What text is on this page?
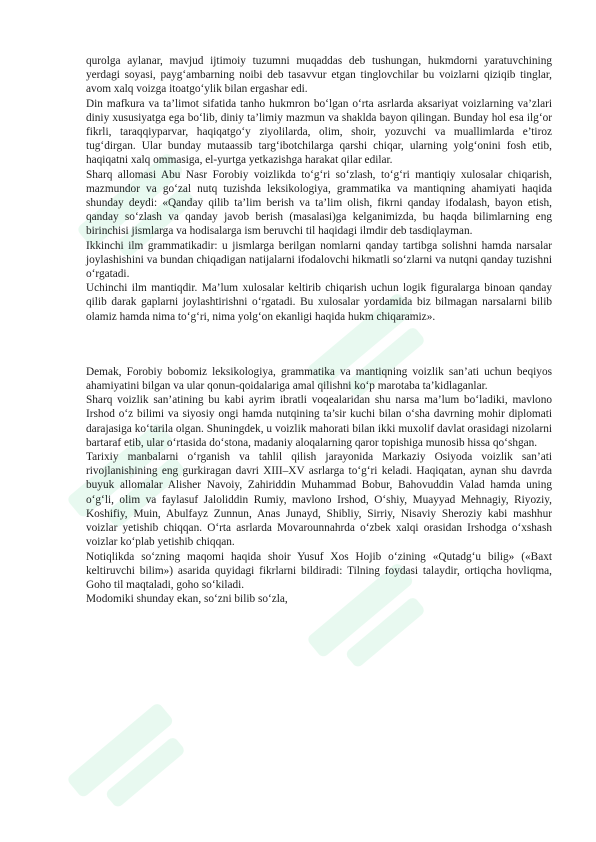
qurolga aylanar, mavjud ijtimoiy tuzumni muqaddas deb tushungan, hukmdorni yaratuvchining yerdagi soyasi, payg‘ambarning noibi deb tasavvur etgan tinglovchilar bu voizlarni qiziqib tinglar, avom xalq voizga itoatgo‘ylik bilan ergashar edi.

Din mafkura va ta’limot sifatida tanho hukmron bo‘lgan o‘rta asrlarda aksariyat voizlarning va’zlari diniy xususiyatga ega bo‘lib, diniy ta’limiy mazmun va shaklda bayon qilingan. Bunday hol esa ilg‘or fikrli, taraqqiyparvar, haqiqatgo‘y ziyolilarda, olim, shoir, yozuvchi va muallimlarda e’tiroz tug‘dirgan. Ular bunday mutaassib targ‘ibotchilarga qarshi chiqar, ularning yolg‘onini fosh etib, haqiqatni xalq ommasiga, el-yurtga yetkazishga harakat qilar edilar.

Sharq allomasi Abu Nasr Forobiy voizlikda to‘g‘ri so‘zlash, to‘g‘ri mantiqiy xulosalar chiqarish, mazmundor va go‘zal nutq tuzishda leksikologiya, grammatika va mantiqning ahamiyati haqida shunday deydi: «Qanday qilib ta’lim berish va ta’lim olish, fikrni qanday ifodalash, bayon etish, qanday so‘zlash va qanday javob berish (masalasi)ga kelganimizda, bu haqda bilimlarning eng birinchisi jismlarga va hodisalarga ism beruvchi til haqidagi ilmdir deb tasdiqlayman.

Ikkinchi ilm grammatikadir: u jismlarga berilgan nomlarni qanday tartibga solishni hamda narsalar joylashishini va bundan chiqadigan natijalarni ifodalovchi hikmatli so‘zlarni va nutqni qanday tuzishni o‘rgatadi.

Uchinchi ilm mantiqdir. Ma’lum xulosalar keltirib chiqarish uchun logik figuralarga binoan qanday qilib darak gaplarni joylashtirishni o‘rgatadi. Bu xulosalar yordamida biz bilmagan narsalarni bilib olamiz hamda nima to‘g‘ri, nima yolg‘on ekanligi haqida hukm chiqaramiz».

Demak, Forobiy bobomiz leksikologiya, grammatika va mantiqning voizlik san’ati uchun beqiyos ahamiyatini bilgan va ular qonun-qoidalariga amal qilishni ko‘p marotaba ta’kidlaganlar.

Sharq voizlik san’atining bu kabi ayrim ibratli voqealaridan shu narsa ma’lum bo‘ladiki, mavlono Irshod o‘z bilimi va siyosiy ongi hamda nutqining ta’sir kuchi bilan o‘sha davrning mohir diplomati darajasiga ko‘tarila olgan. Shuningdek, u voizlik mahorati bilan ikki muxolif davlat orasidagi nizolarni bartaraf etib, ular o‘rtasida do‘stona, madaniy aloqalarning qaror topishiga munosib hissa qo‘shgan.

Tarixiy manbalarni o‘rganish va tahlil qilish jarayonida Markaziy Osiyoda voizlik san’ati rivojlanishining eng gurkiragan davri XIII–XV asrlarga to‘g‘ri keladi. Haqiqatan, aynan shu davrda buyuk allomalar Alisher Navoiy, Zahiriddin Muhammad Bobur, Bahovuddin Valad hamda uning o‘g‘li, olim va faylasuf Jaloliddin Rumiy, mavlono Irshod, O‘shiy, Muayyad Mehnagiy, Riyoziy, Koshifiy, Muin, Abulfayz Zunnun, Anas Junayd, Shibliy, Sirriy, Nisaviy Sheroziy kabi mashhur voizlar yetishib chiqqan. O‘rta asrlarda Movarounnahrda o‘zbek xalqi orasidan Irshodga o‘xshash voizlar ko‘plab yetishib chiqqan.

Notiqlikda so‘zning maqomi haqida shoir Yusuf Xos Hojib o‘zining «Qutadg‘u bilig» («Baxt keltiruvchi bilim») asarida quyidagi fikrlarni bildiradi: Tilning foydasi talaydir, ortiqcha hovliqma, Goho til maqtaladi, goho so‘kiladi.

Modomiki shunday ekan, so‘zni bilib so‘zla,
